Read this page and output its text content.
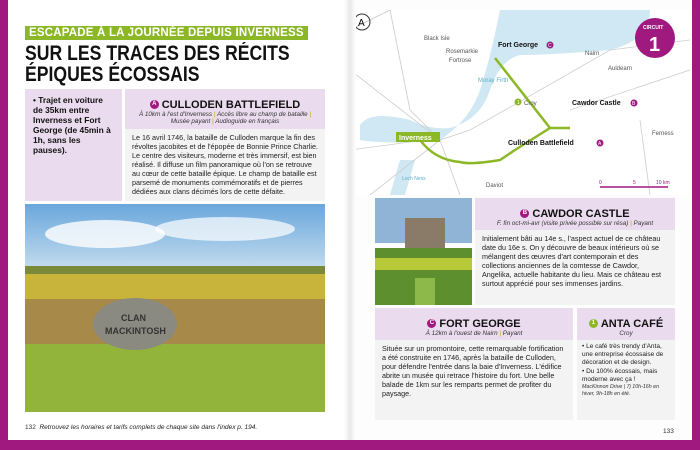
ESCAPADE À LA JOURNÉE DEPUIS INVERNESS
SUR LES TRACES DES RÉCITS
ÉPIQUES ÉCOSSAIS
• Trajet en voiture de 35km entre Inverness et Fort George (de 45min à 1h, sans les pauses).
A CULLODEN BATTLEFIELD
À 10km à l'est d'Inverness | Accès libre au champ de bataille | Musée payant | Audioguide en français
Le 16 avril 1746, la bataille de Culloden marque la fin des révoltes jacobites et de l'épopée de Bonnie Prince Charlie. Le centre des visiteurs, moderne et très immersif, est bien réalisé. Il diffuse un film panoramique où l'on se retrouve au cœur de cette bataille épique. Le champ de bataille est parsemé de monuments commémoratifs et de pierres dédiées aux clans décimés lors de cette défaite.
CLAN
MACKINTOSH
132 Retrouvez les horaires et tarifs complets de chaque site dans l'index p. 194.
A	CIRCUIT
1
Black Isle
Rosemarkie
Fortrose
Moray Firth
Nairn
Auldearn
Croy
Ferness
Daviot
Loch Ness
Fort George
Cawdor Castle
Culloden Battlefield
Inverness
C
B
A
1
0	5	10 km
B CAWDOR CASTLE
F. fin oct-mi-avr (visite privée possible sur résa) | Payant
Initialement bâti au 14e s., l'aspect actuel de ce château date du 16e s. On y découvre de beaux intérieurs où se mélangent des œuvres d'art contemporain et des collections anciennes de la comtesse de Cawdor, Angelika, actuelle habitante du lieu. Mais ce château est surtout apprécié pour ses immenses jardins.
C FORT GEORGE
À 12km à l'ouest de Nairn | Payant
Située sur un promontoire, cette remarquable fortification a été construite en 1746, après la bataille de Culloden, pour défendre l'entrée dans la baie d'Inverness. L'édifice abrite un musée qui retrace l'histoire du fort. Une belle balade de 1km sur les remparts permet de profiter du paysage.
1 ANTA CAFÉ
Croy
• Le café très trendy d'Anta, une entreprise écossaise de décoration et de design.
• Du 100% écossais, mais moderne avec ça !
MacKinnon Drive | 7j 10h-16h en hiver, 9h-18h en été.
133
